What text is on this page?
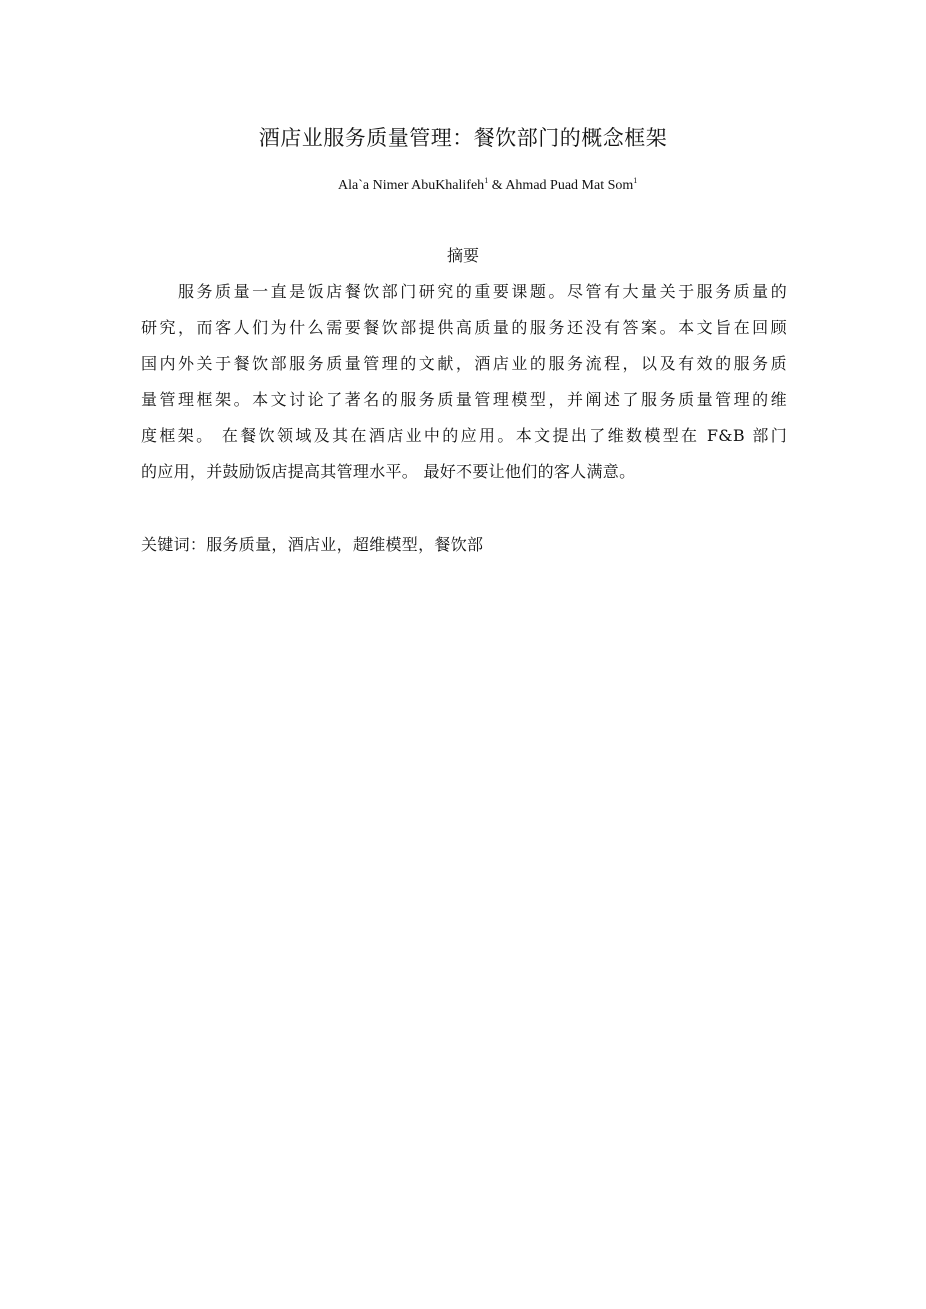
酒店业服务质量管理：餐饮部门的概念框架
Ala`a Nimer AbuKhalifeh$^1$ & Ahmad Puad Mat Som$^1$
摘要
服务质量一直是饭店餐饮部门研究的重要课题。尽管有大量关于服务质量的
研究，而客人们为什么需要餐饮部提供高质量的服务还没有答案。本文旨在回顾
国内外关于餐饮部服务质量管理的文献，酒店业的服务流程，以及有效的服务质
量管理框架。本文讨论了著名的服务质量管理模型，并阐述了服务质量管理的维
度框架。 在餐饮领域及其在酒店业中的应用。本文提出了维数模型在 F&B 部门
的应用，并鼓励饭店提高其管理水平。 最好不要让他们的客人满意。
关键词：服务质量，酒店业，超维模型，餐饮部
